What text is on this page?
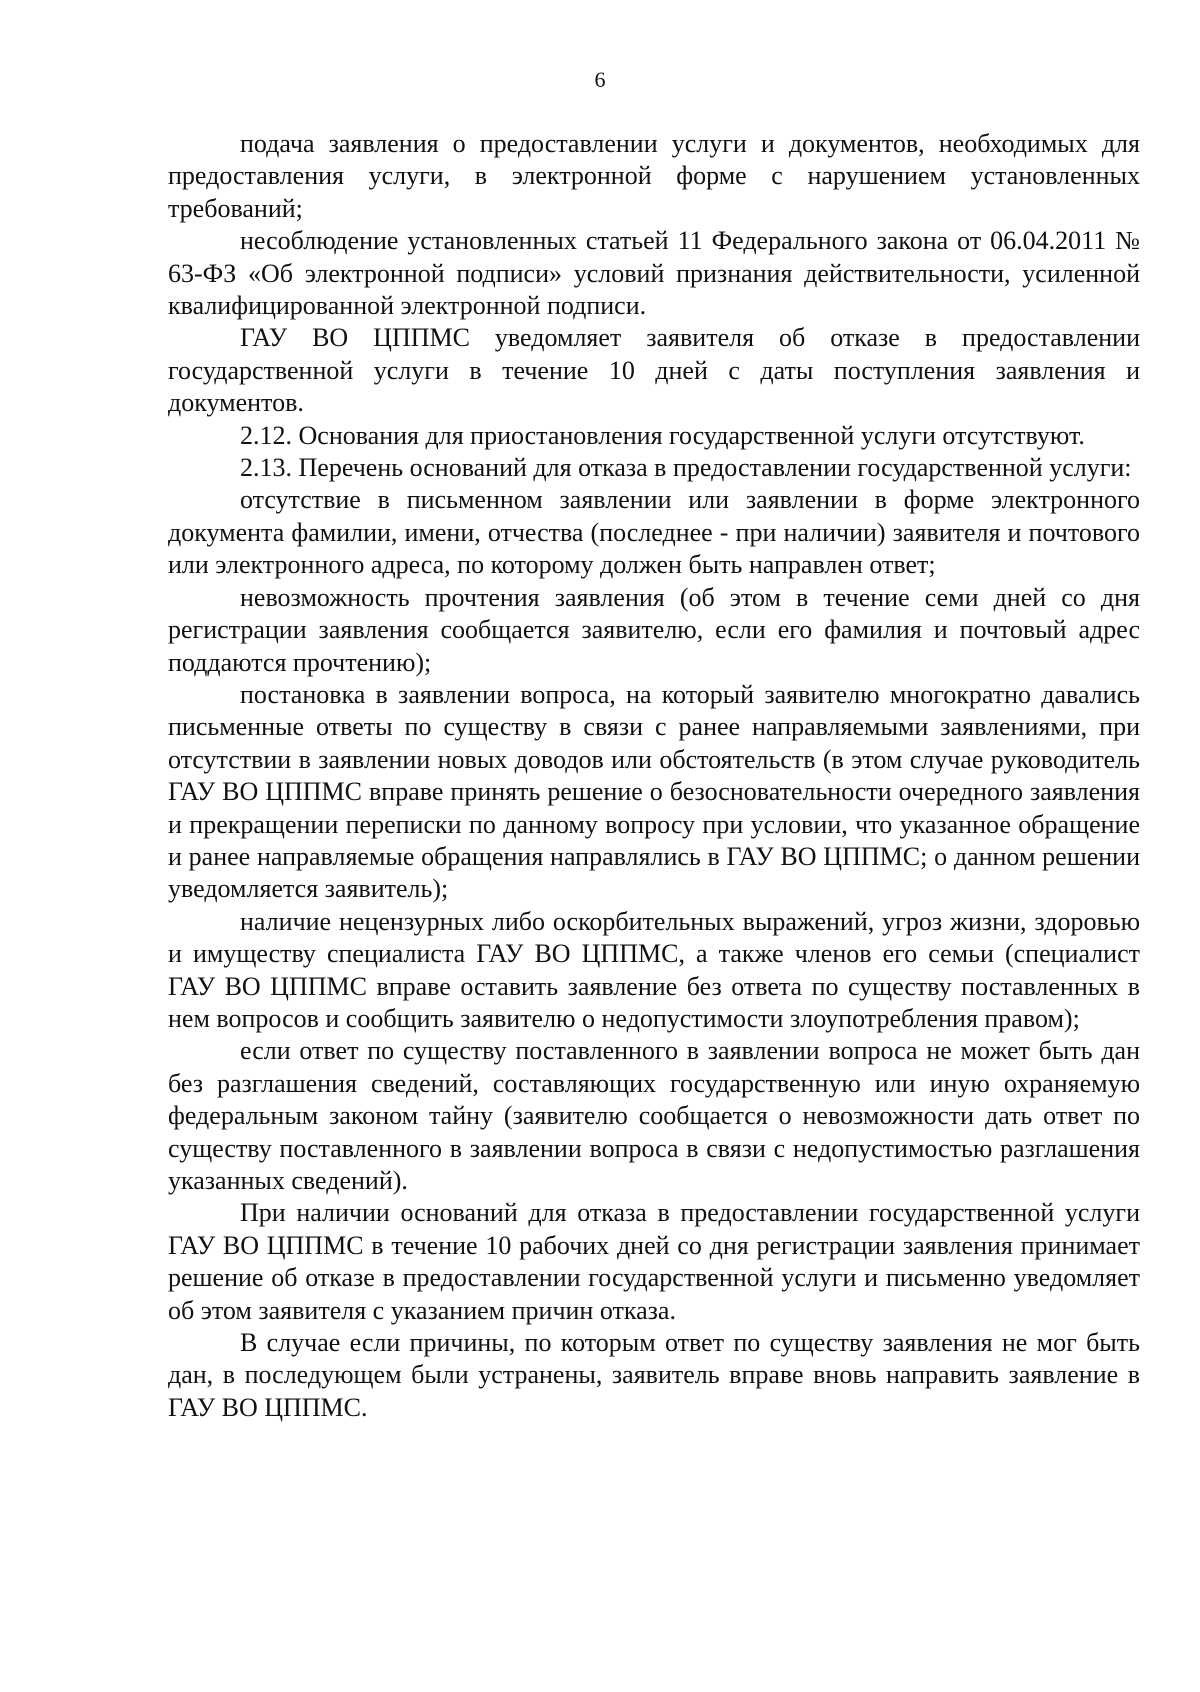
6

подача заявления о предоставлении услуги и документов, необходимых для предоставления услуги, в электронной форме с нарушением установленных требований;

несоблюдение установленных статьей 11 Федерального закона от 06.04.2011 № 63-ФЗ «Об электронной подписи» условий признания действительности, усиленной квалифицированной электронной подписи.

ГАУ ВО ЦППМС уведомляет заявителя об отказе в предоставлении государственной услуги в течение 10 дней с даты поступления заявления и документов.

2.12. Основания для приостановления государственной услуги отсутствуют.

2.13. Перечень оснований для отказа в предоставлении государственной услуги:

отсутствие в письменном заявлении или заявлении в форме электронного документа фамилии, имени, отчества (последнее - при наличии) заявителя и почтового или электронного адреса, по которому должен быть направлен ответ;

невозможность прочтения заявления (об этом в течение семи дней со дня регистрации заявления сообщается заявителю, если его фамилия и почтовый адрес поддаются прочтению);

постановка в заявлении вопроса, на который заявителю многократно давались письменные ответы по существу в связи с ранее направляемыми заявлениями, при отсутствии в заявлении новых доводов или обстоятельств (в этом случае руководитель ГАУ ВО ЦППМС вправе принять решение о безосновательности очередного заявления и прекращении переписки по данному вопросу при условии, что указанное обращение и ранее направляемые обращения направлялись в ГАУ ВО ЦППМС; о данном решении уведомляется заявитель);

наличие нецензурных либо оскорбительных выражений, угроз жизни, здоровью и имуществу специалиста ГАУ ВО ЦППМС, а также членов его семьи (специалист ГАУ ВО ЦППМС вправе оставить заявление без ответа по существу поставленных в нем вопросов и сообщить заявителю о недопустимости злоупотребления правом);

если ответ по существу поставленного в заявлении вопроса не может быть дан без разглашения сведений, составляющих государственную или иную охраняемую федеральным законом тайну (заявителю сообщается о невозможности дать ответ по существу поставленного в заявлении вопроса в связи с недопустимостью разглашения указанных сведений).

При наличии оснований для отказа в предоставлении государственной услуги ГАУ ВО ЦППМС в течение 10 рабочих дней со дня регистрации заявления принимает решение об отказе в предоставлении государственной услуги и письменно уведомляет об этом заявителя с указанием причин отказа.

В случае если причины, по которым ответ по существу заявления не мог быть дан, в последующем были устранены, заявитель вправе вновь направить заявление в ГАУ ВО ЦППМС.
